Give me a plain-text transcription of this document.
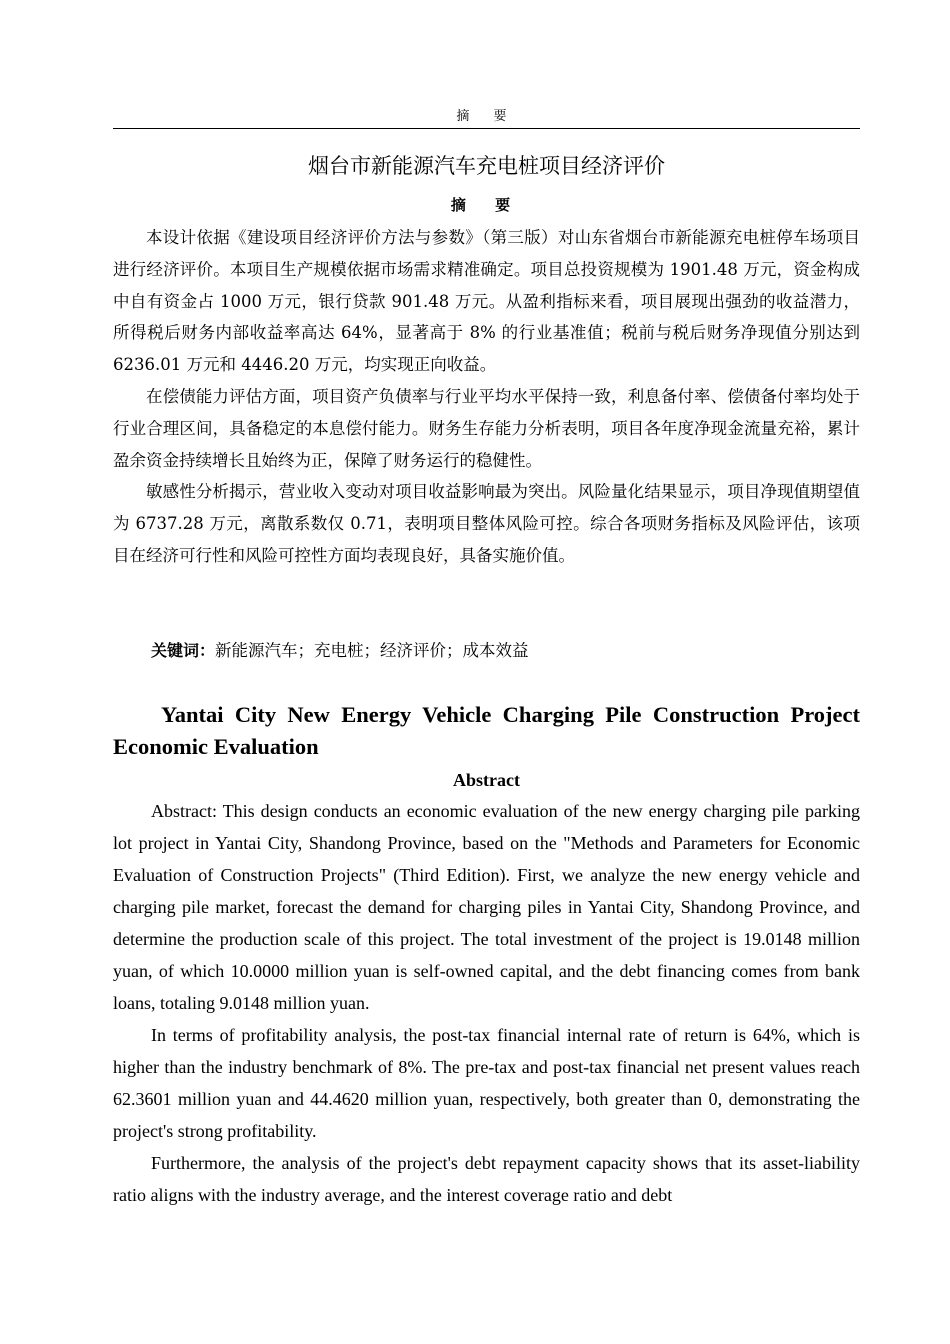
摘 要
烟台市新能源汽车充电桩项目经济评价
摘 要

本设计依据《建设项目经济评价方法与参数》（第三版）对山东省烟台市新能源充电桩停车场项目进行经济评价。本项目生产规模依据市场需求精准确定。项目总投资规模为 1901.48 万元，资金构成中自有资金占 1000 万元，银行贷款 901.48 万元。从盈利指标来看，项目展现出强劲的收益潜力，所得税后财务内部收益率高达 64%，显著高于 8% 的行业基准值；税前与税后财务净现值分别达到 6236.01 万元和 4446.20 万元，均实现正向收益。

在偿债能力评估方面，项目资产负债率与行业平均水平保持一致，利息备付率、偿债备付率均处于行业合理区间，具备稳定的本息偿付能力。财务生存能力分析表明，项目各年度净现金流量充裕，累计盈余资金持续增长且始终为正，保障了财务运行的稳健性。

敏感性分析揭示，营业收入变动对项目收益影响最为突出。风险量化结果显示，项目净现值期望值为 6737.28 万元，离散系数仅 0.71，表明项目整体风险可控。综合各项财务指标及风险评估，该项目在经济可行性和风险可控性方面均表现良好，具备实施价值。

关键词：新能源汽车；充电桩；经济评价；成本效益
Yantai City New Energy Vehicle Charging Pile Construction Project Economic Evaluation
Abstract

Abstract: This design conducts an economic evaluation of the new energy charging pile parking lot project in Yantai City, Shandong Province, based on the "Methods and Parameters for Economic Evaluation of Construction Projects" (Third Edition). First, we analyze the new energy vehicle and charging pile market, forecast the demand for charging piles in Yantai City, Shandong Province, and determine the production scale of this project. The total investment of the project is 19.0148 million yuan, of which 10.0000 million yuan is self-owned capital, and the debt financing comes from bank loans, totaling 9.0148 million yuan.

In terms of profitability analysis, the post-tax financial internal rate of return is 64%, which is higher than the industry benchmark of 8%. The pre-tax and post-tax financial net present values reach 62.3601 million yuan and 44.4620 million yuan, respectively, both greater than 0, demonstrating the project's strong profitability.

Furthermore, the analysis of the project's debt repayment capacity shows that its asset-liability ratio aligns with the industry average, and the interest coverage ratio and debt
